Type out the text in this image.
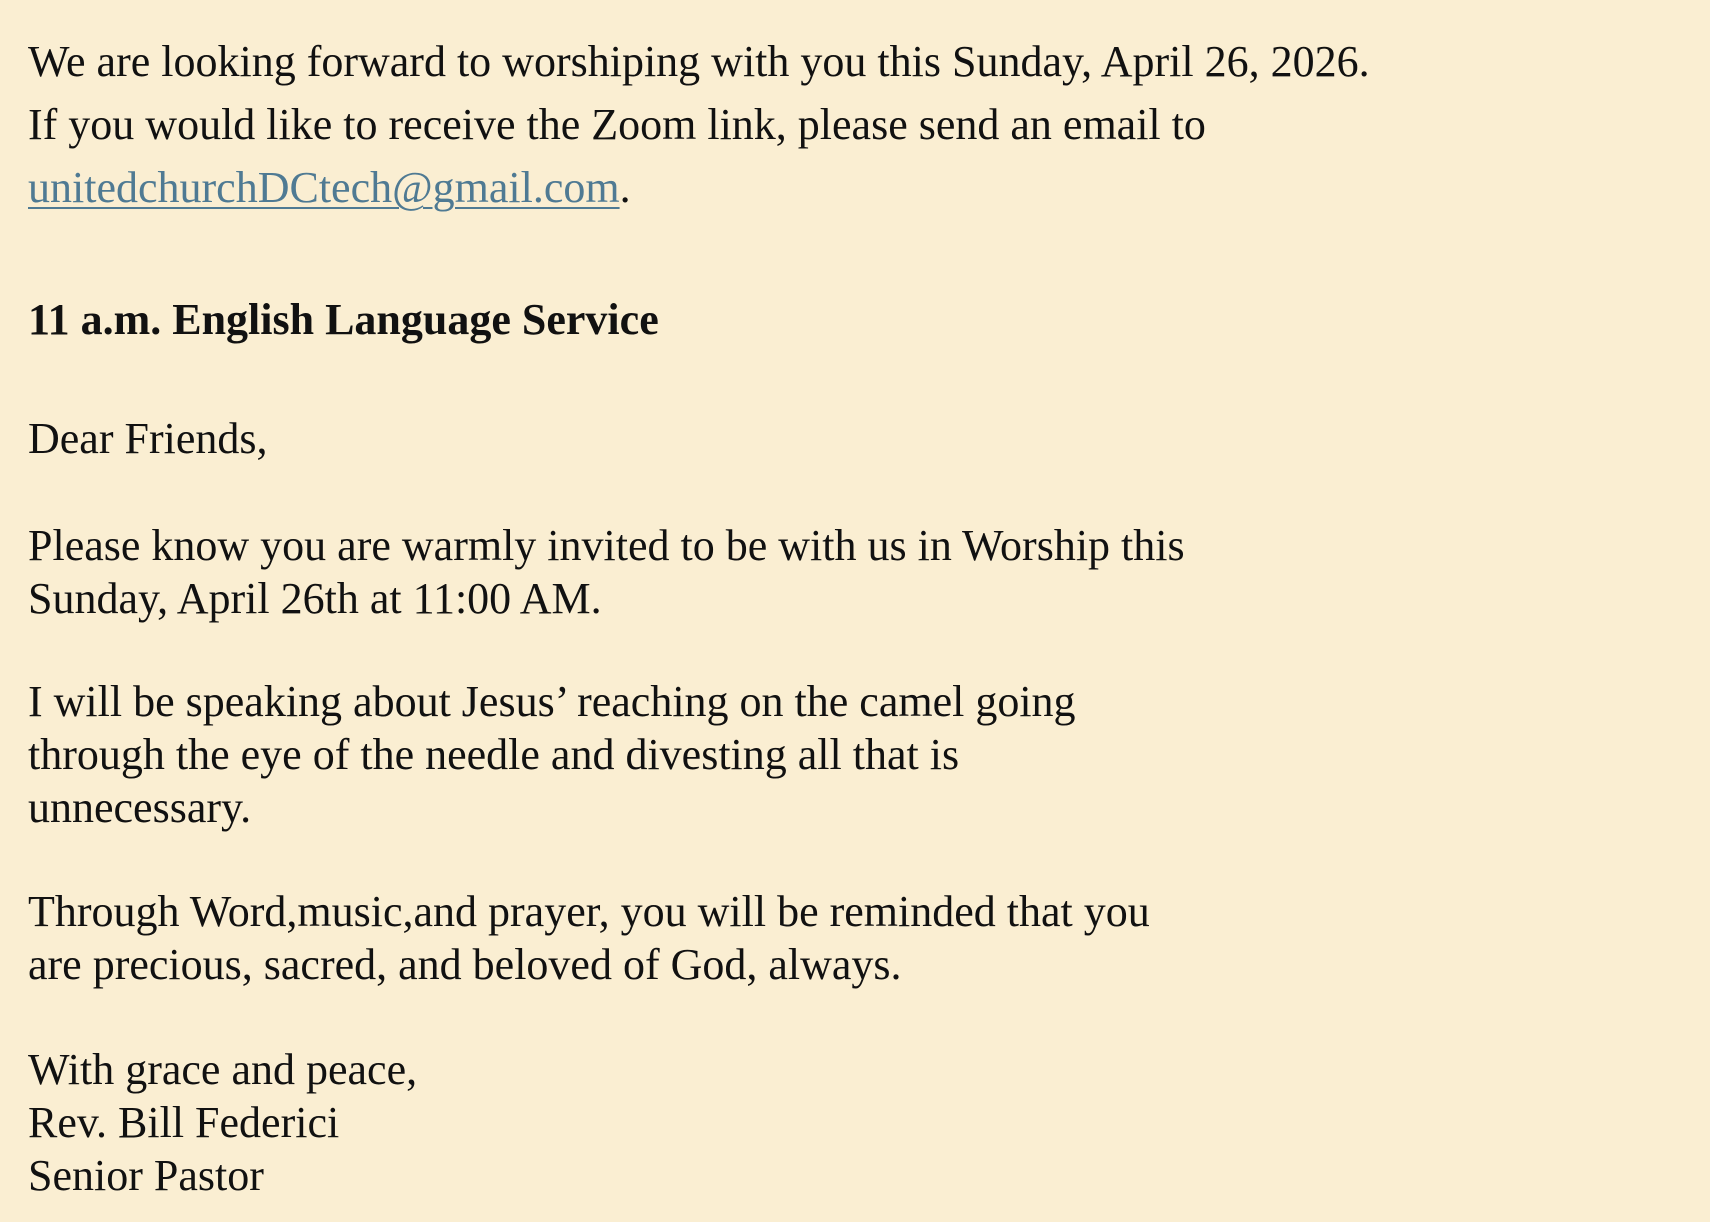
We are looking forward to worshiping with you this Sunday, April 26, 2026.
If you would like to receive the Zoom link, please send an email to
unitedchurchDCtech@gmail.com.
11 a.m. English Language Service
Dear Friends,
Please know you are warmly invited to be with us in Worship this
Sunday, April 26th at 11:00 AM.
I will be speaking about Jesus’ reaching on the camel going
through the eye of the needle and divesting all that is
unnecessary.
Through Word,music,and prayer, you will be reminded that you
are precious, sacred, and beloved of God, always.
With grace and peace,
Rev. Bill Federici
Senior Pastor
